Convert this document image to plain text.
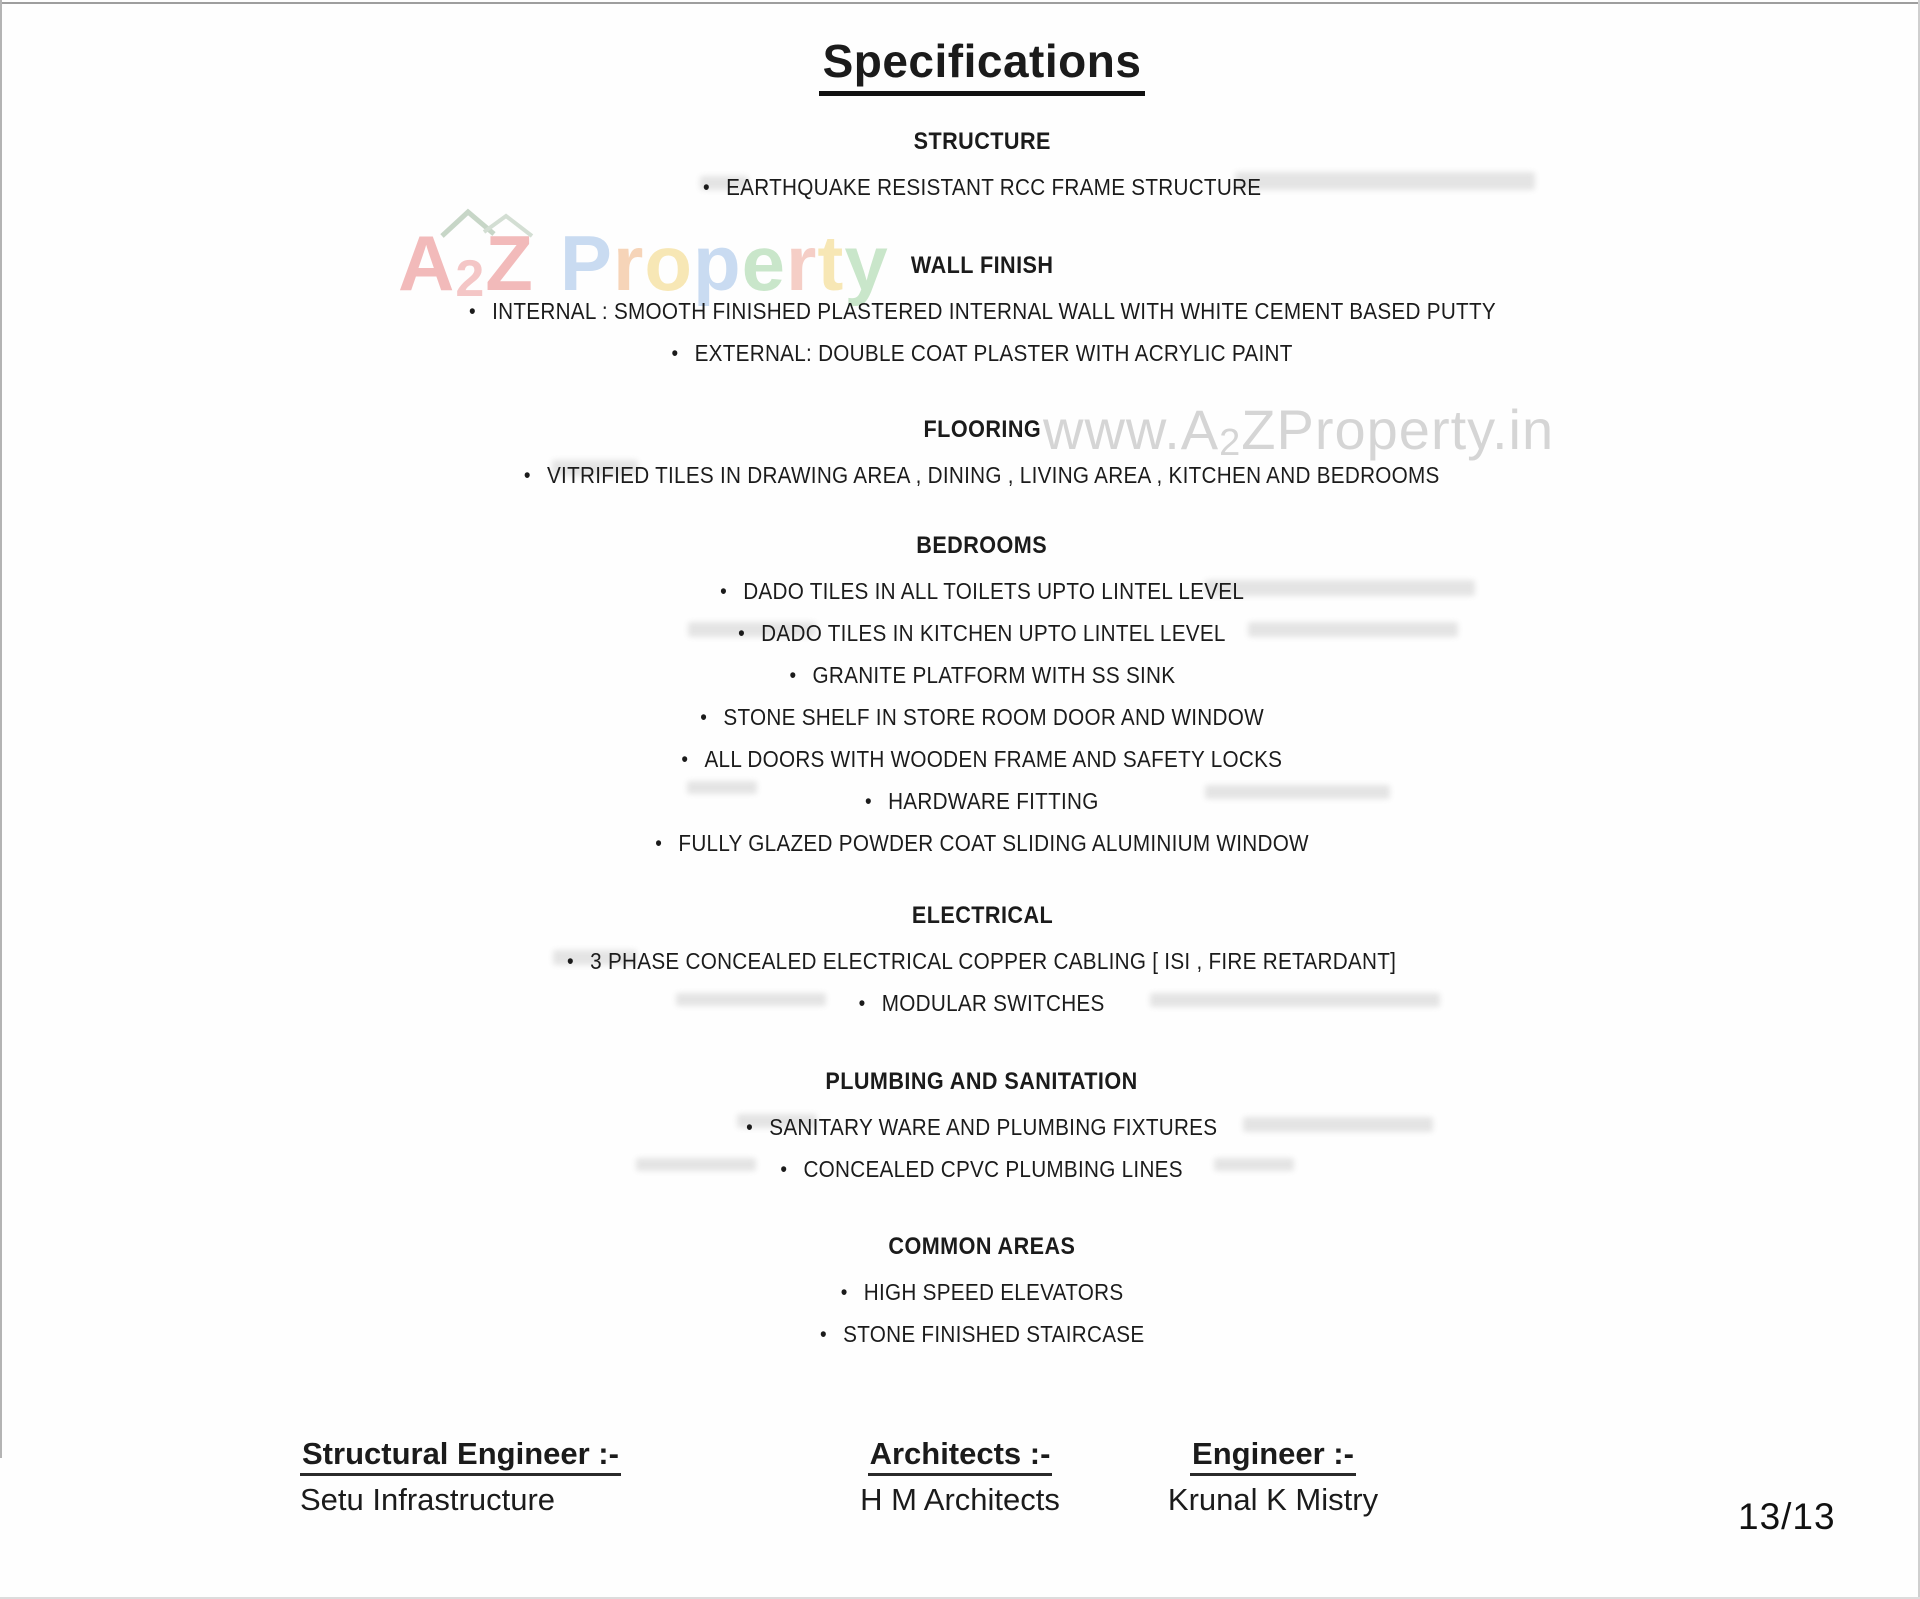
A2Z Property
www.A2ZProperty.in
Specifications
STRUCTURE
• EARTHQUAKE RESISTANT RCC FRAME STRUCTURE
WALL FINISH
• INTERNAL : SMOOTH FINISHED PLASTERED INTERNAL WALL WITH WHITE CEMENT BASED PUTTY
• EXTERNAL: DOUBLE COAT PLASTER WITH ACRYLIC PAINT
FLOORING
• VITRIFIED TILES IN DRAWING AREA , DINING , LIVING AREA , KITCHEN AND BEDROOMS
BEDROOMS
• DADO TILES IN ALL TOILETS UPTO LINTEL LEVEL
• DADO TILES IN KITCHEN UPTO LINTEL LEVEL
• GRANITE PLATFORM WITH SS SINK
• STONE SHELF IN STORE ROOM DOOR AND WINDOW
• ALL DOORS WITH WOODEN FRAME AND SAFETY LOCKS
• HARDWARE FITTING
• FULLY GLAZED POWDER COAT SLIDING ALUMINIUM WINDOW
ELECTRICAL
• 3 PHASE CONCEALED ELECTRICAL COPPER CABLING [ ISI , FIRE RETARDANT]
• MODULAR SWITCHES
PLUMBING AND SANITATION
• SANITARY WARE AND PLUMBING FIXTURES
• CONCEALED CPVC PLUMBING LINES
COMMON AREAS
• HIGH SPEED ELEVATORS
• STONE FINISHED STAIRCASE
Structural Engineer :-
Setu Infrastructure
Architects :-
H M Architects
Engineer :-
Krunal K Mistry	13/13
